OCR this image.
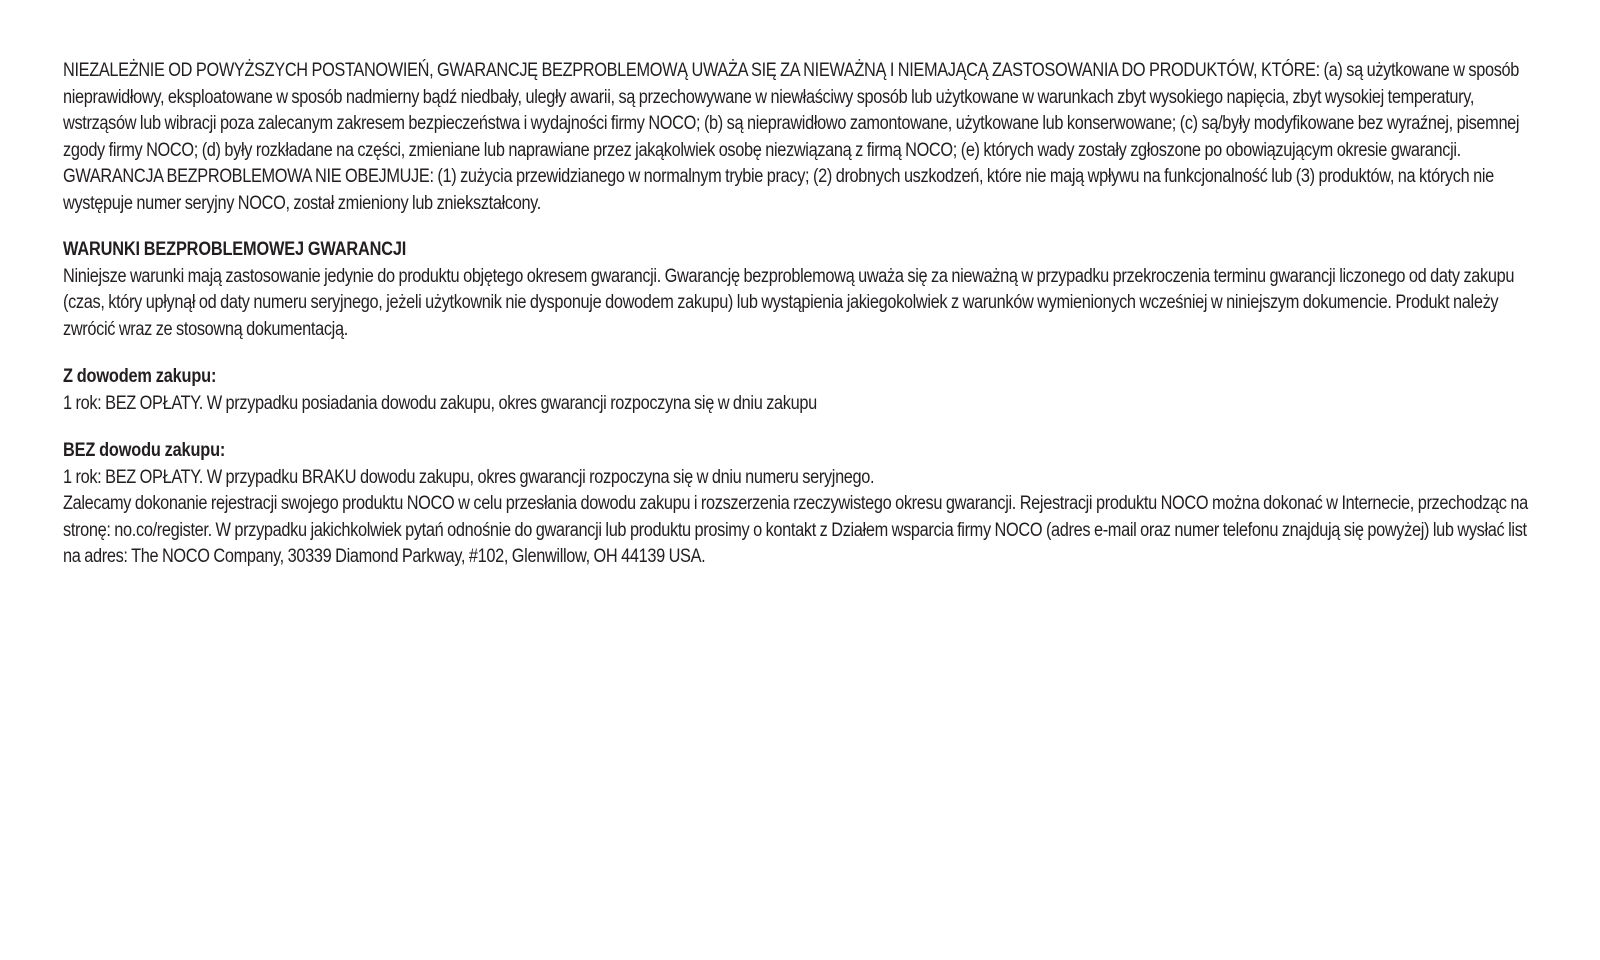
NIEZALEŻNIE OD POWYŻSZYCH POSTANOWIEŃ, GWARANCJĘ BEZPROBLEMOWĄ UWAŻA SIĘ ZA NIEWAŻNĄ I NIEMAJĄCĄ ZASTOSOWANIA DO PRODUKTÓW, KTÓRE: (a) są użytkowane w sposób nieprawidłowy, eksploatowane w sposób nadmierny bądź niedbały, uległy awarii, są przechowywane w niewłaściwy sposób lub użytkowane w warunkach zbyt wysokiego napięcia, zbyt wysokiej temperatury, wstrząsów lub wibracji poza zalecanym zakresem bezpieczeństwa i wydajności firmy NOCO; (b) są nieprawidłowo zamontowane, użytkowane lub konserwowane; (c) są/były modyfikowane bez wyraźnej, pisemnej zgody firmy NOCO; (d) były rozkładane na części, zmieniane lub naprawiane przez jakąkolwiek osobę niezwiązaną z firmą NOCO; (e) których wady zostały zgłoszone po obowiązującym okresie gwarancji.

GWARANCJA BEZPROBLEMOWA NIE OBEJMUJE: (1) zużycia przewidzianego w normalnym trybie pracy; (2) drobnych uszkodzeń, które nie mają wpływu na funkcjonalność lub (3) produktów, na których nie występuje numer seryjny NOCO, został zmieniony lub zniekształcony.

WARUNKI BEZPROBLEMOWEJ GWARANCJI

Niniejsze warunki mają zastosowanie jedynie do produktu objętego okresem gwarancji. Gwarancję bezproblemową uważa się za nieważną w przypadku przekroczenia terminu gwarancji liczonego od daty zakupu (czas, który upłynął od daty numeru seryjnego, jeżeli użytkownik nie dysponuje dowodem zakupu) lub wystąpienia jakiegokolwiek z warunków wymienionych wcześniej w niniejszym dokumencie. Produkt należy zwrócić wraz ze stosowną dokumentacją.

Z dowodem zakupu:

1 rok: BEZ OPŁATY. W przypadku posiadania dowodu zakupu, okres gwarancji rozpoczyna się w dniu zakupu

BEZ dowodu zakupu:

1 rok: BEZ OPŁATY. W przypadku BRAKU dowodu zakupu, okres gwarancji rozpoczyna się w dniu numeru seryjnego.

Zalecamy dokonanie rejestracji swojego produktu NOCO w celu przesłania dowodu zakupu i rozszerzenia rzeczywistego okresu gwarancji. Rejestracji produktu NOCO można dokonać w Internecie, przechodząc na stronę: no.co/register. W przypadku jakichkolwiek pytań odnośnie do gwarancji lub produktu prosimy o kontakt z Działem wsparcia firmy NOCO (adres e-mail oraz numer telefonu znajdują się powyżej) lub wysłać list na adres: The NOCO Company, 30339 Diamond Parkway, #102, Glenwillow, OH 44139 USA.
